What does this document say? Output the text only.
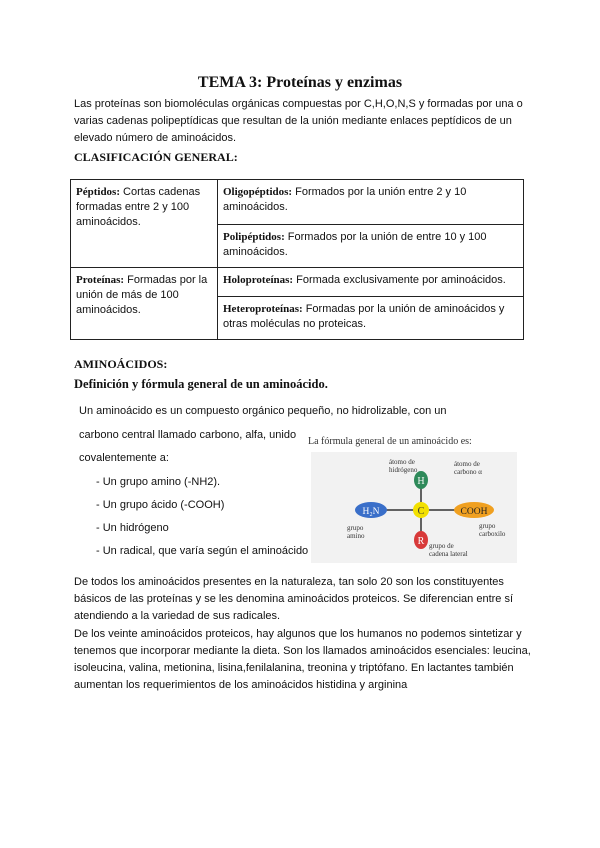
TEMA 3: Proteínas y enzimas
Las proteínas son biomoléculas orgánicas compuestas por C,H,O,N,S y formadas por una o varias cadenas polipeptídicas que resultan de la unión mediante enlaces peptídicos de un elevado número de aminoácidos.
CLASIFICACIÓN GENERAL:
Péptidos: Cortas cadenas formadas entre 2 y 100 aminoácidos.	Oligopéptidos: Formados por la unión entre 2 y 10 aminoácidos.
	Polipéptidos: Formados por la unión de entre 10 y 100 aminoácidos.
Proteínas: Formadas por la unión de más de 100 aminoácidos.	Holoproteínas: Formada exclusivamente por aminoácidos.
	Heteroproteínas: Formadas por la unión de aminoácidos y otras moléculas no proteicas.
AMINOÁCIDOS:
Definición y fórmula general de un aminoácido.
Un aminoácido es un compuesto orgánico pequeño, no hidrolizable, con un
carbono central llamado carbono, alfa, unido
covalentemente a:
- Un grupo amino (-NH2).
- Un grupo ácido (-COOH)
- Un hidrógeno
- Un radical, que varía según el aminoácido
La fórmula general de un aminoácido es:
H
C
H₂N	COOH
R
átomo de
hidrógeno
átomo de
carbono α
grupo
amino
grupo
carboxilo
grupo de
cadena lateral
De todos los aminoácidos presentes en la naturaleza, tan solo 20 son los constituyentes básicos de las proteínas y se les denomina aminoácidos proteicos. Se diferencian entre sí atendiendo a la variedad de sus radicales.
De los veinte aminoácidos proteicos, hay algunos que los humanos no podemos sintetizar y tenemos que incorporar mediante la dieta. Son los llamados aminoácidos esenciales: leucina, isoleucina, valina, metionina, lisina,fenilalanina, treonina y triptófano. En lactantes también aumentan los requerimientos de los aminoácidos histidina y arginina
